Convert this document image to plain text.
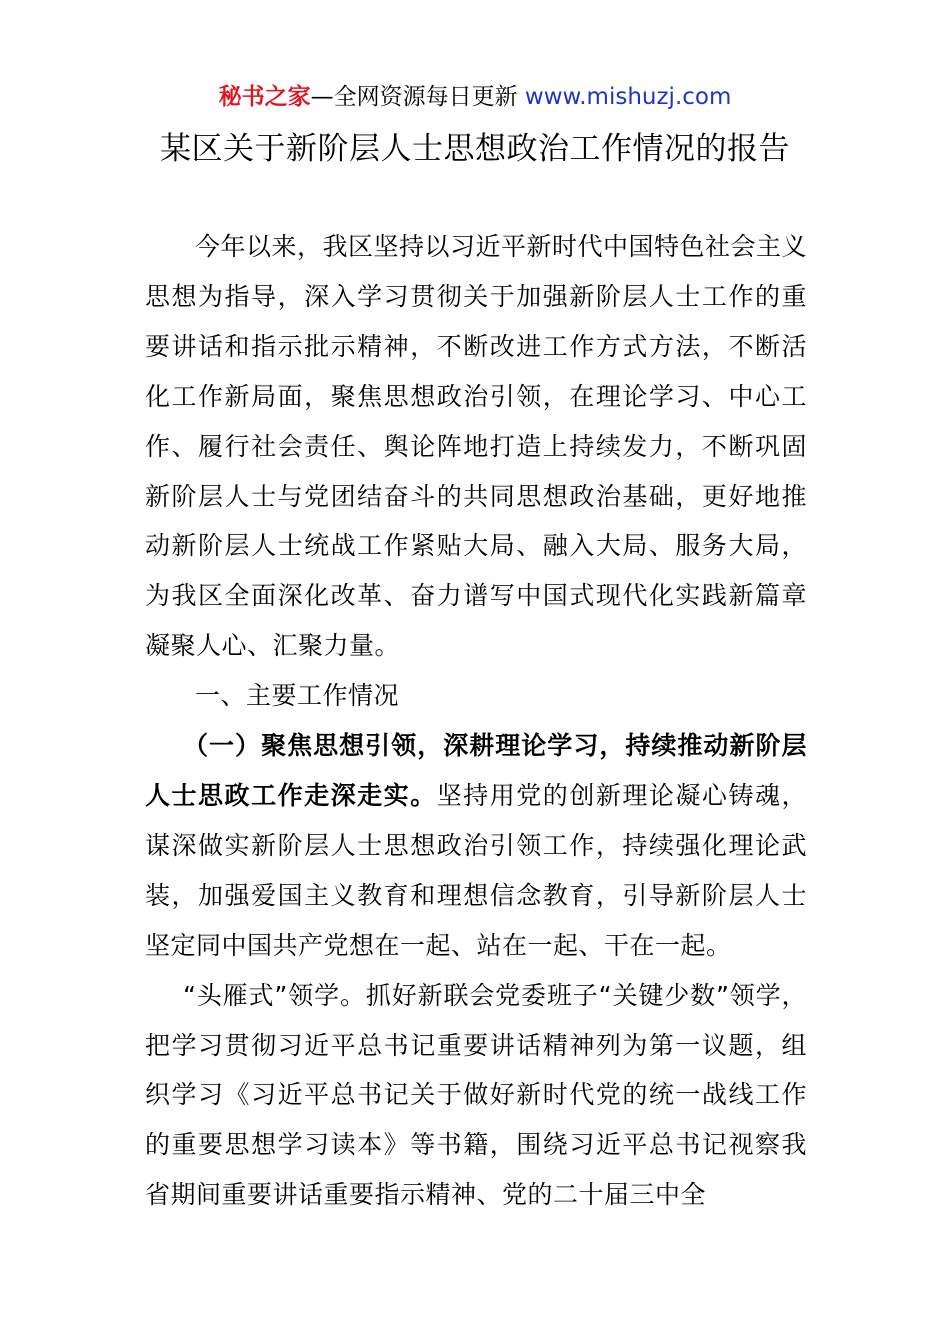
秘书之家—全网资源每日更新 www.mishuzj.com
某区关于新阶层人士思想政治工作情况的报告

今年以来，我区坚持以习近平新时代中国特色社会主义思想为指导，深入学习贯彻关于加强新阶层人士工作的重要讲话和指示批示精神，不断改进工作方式方法，不断活化工作新局面，聚焦思想政治引领，在理论学习、中心工作、履行社会责任、舆论阵地打造上持续发力，不断巩固新阶层人士与党团结奋斗的共同思想政治基础，更好地推动新阶层人士统战工作紧贴大局、融入大局、服务大局，为我区全面深化改革、奋力谱写中国式现代化实践新篇章凝聚人心、汇聚力量。

一、主要工作情况

（一）聚焦思想引领，深耕理论学习，持续推动新阶层人士思政工作走深走实。坚持用党的创新理论凝心铸魂，谋深做实新阶层人士思想政治引领工作，持续强化理论武装，加强爱国主义教育和理想信念教育，引导新阶层人士坚定同中国共产党想在一起、站在一起、干在一起。

“头雁式”领学。抓好新联会党委班子“关键少数”领学，把学习贯彻习近平总书记重要讲话精神列为第一议题，组织学习《习近平总书记关于做好新时代党的统一战线工作的重要思想学习读本》等书籍，围绕习近平总书记视察我省期间重要讲话重要指示精神、党的二十届三中全
